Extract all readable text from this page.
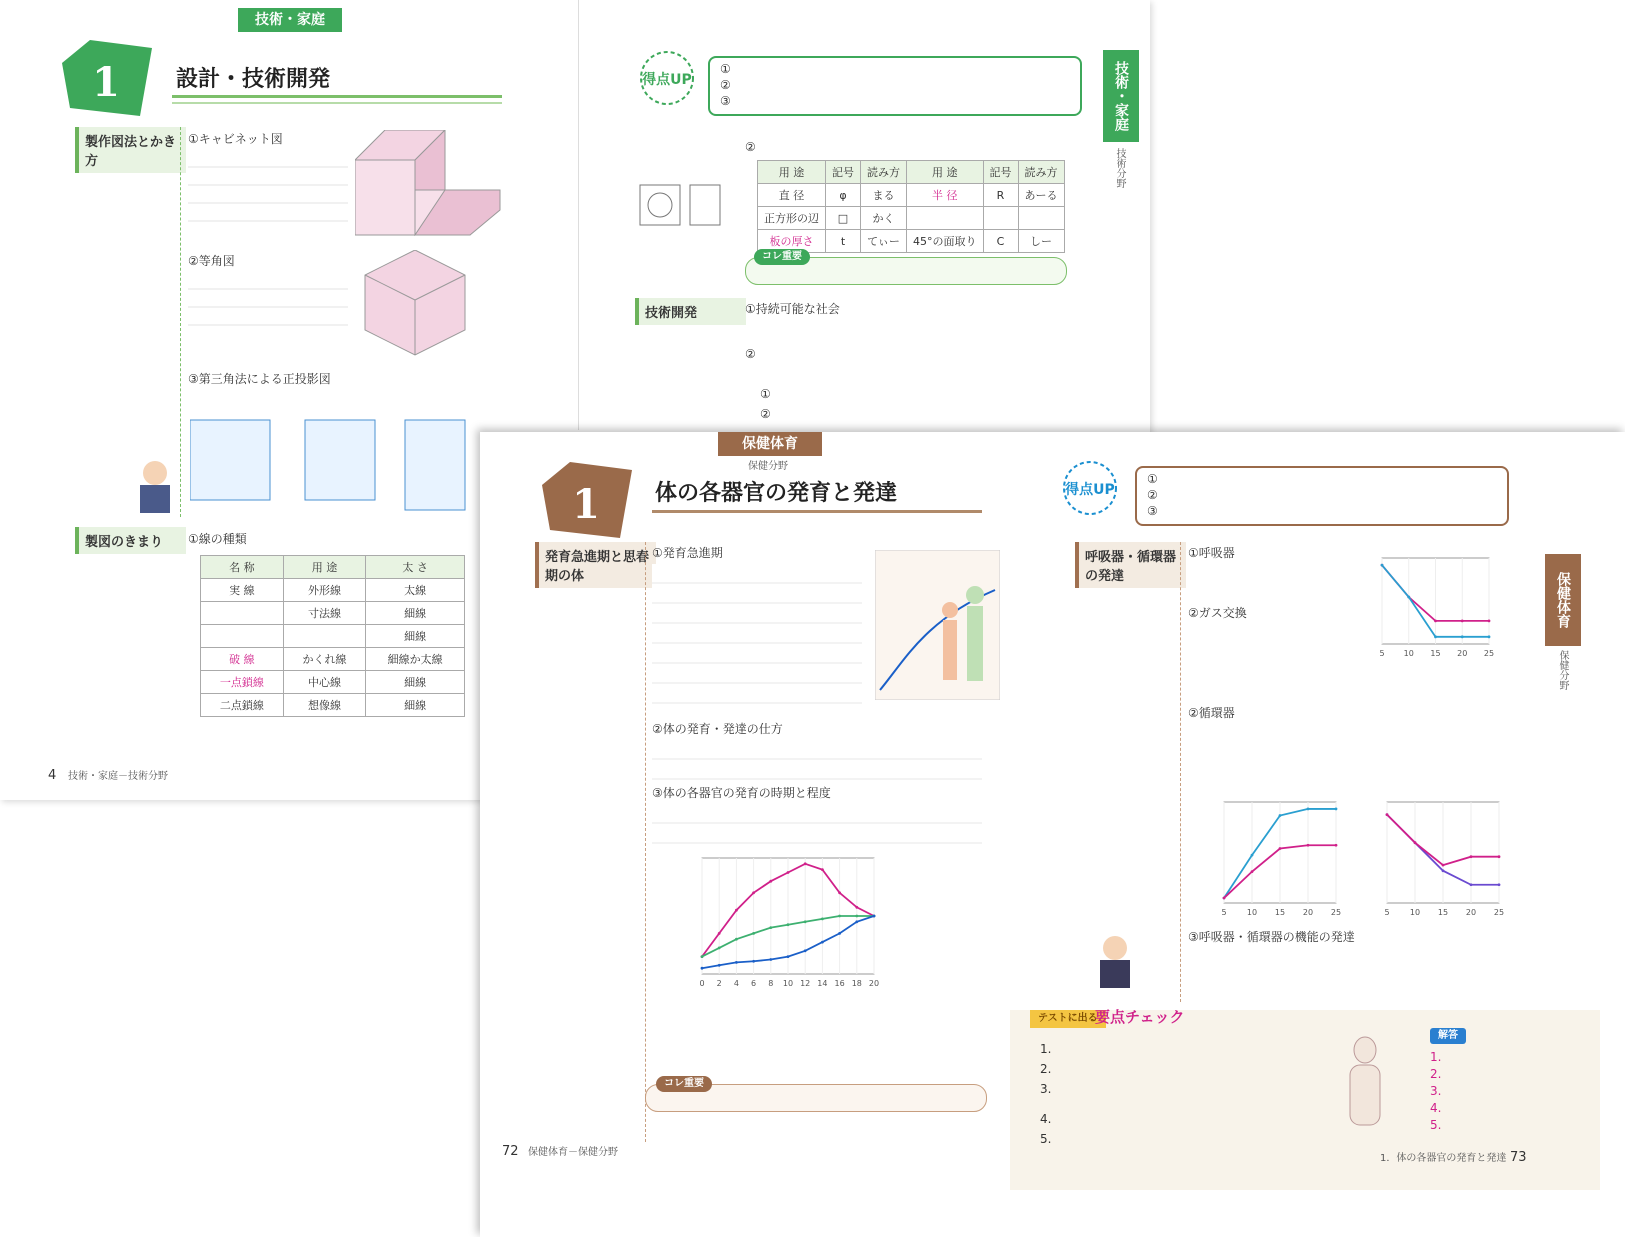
技術・家庭
1	設計・技術開発
製作図法とかき方
①キャビネット図
②等角図
③第三角法による正投影図
製図のきまり	①線の種類
名 称	用 途	太 さ
実 線	外形線	太線
	寸法線	細線
		細線
破 線	かくれ線	細線か太線
一点鎖線	中心線	細線
二点鎖線	想像線	細線
4 技術・家庭－技術分野
得点UP
①
②
③	技術・家庭
技術分野
②
用 途	記号	読み方	用 途	記号	読み方
直 径	φ	まる	半 径	R	あーる
正方形の辺	□	かく			
板の厚さ	t	てぃー	45°の面取り	C	しー
コレ重要
技術開発	①持続可能な社会
②
①
②
保健体育
保健分野
1	体の各器官の発育と発達
発育急進期と思春期の体
①発育急進期
②体の発育・発達の仕方
③体の各器官の発育の時期と程度
0 2 4 6 8 10 12 14 16 18 20
コレ重要
72 保健体育－保健分野
得点UP
①
②
③
保健体育
保健分野
呼吸器・循環器の発達
①呼吸器
②ガス交換
5 10 15 20 25
②循環器
5	10 15 20 25	5	10 15 20 25
③呼吸器・循環器の機能の発達
テストに出る
要点チェック
1.
2.
3.
4.
5.
解答
1.
2.
3.
4.
5.
1．体の各器官の発育と発達 73
